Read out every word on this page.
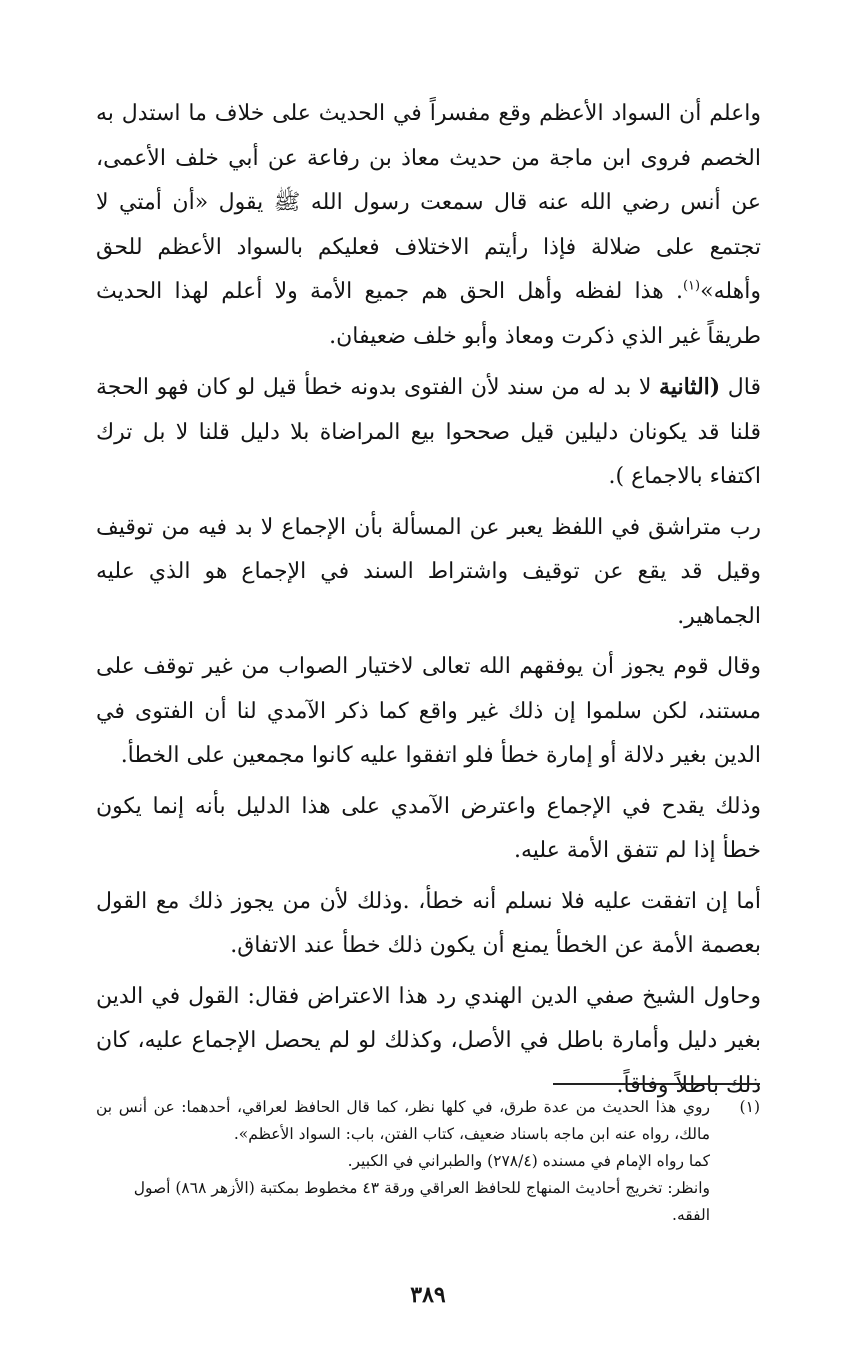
واعلم أن السواد الأعظم وقع مفسراً في الحديث على خلاف ما استدل به الخصم فروى ابن ماجة من حديث معاذ بن رفاعة عن أبي خلف الأعمى، عن أنس رضي الله عنه قال سمعت رسول الله ﷺ يقول «أن أمتي لا تجتمع على ضلالة فإذا رأيتم الاختلاف فعليكم بالسواد الأعظم للحق وأهله»$^{(١)}$. هذا لفظه وأهل الحق هم جميع الأمة ولا أعلم لهذا الحديث طريقاً غير الذي ذكرت ومعاذ وأبو خلف ضعيفان.

قال (الثانية لا بد له من سند لأن الفتوى بدونه خطأ قيل لو كان فهو الحجة قلنا قد يكونان دليلين قيل صححوا بيع المراضاة بلا دليل قلنا لا بل ترك اكتفاء بالاجماع ).

رب متراشق في اللفظ يعبر عن المسألة بأن الإجماع لا بد فيه من توقيف وقيل قد يقع عن توقيف واشتراط السند في الإجماع هو الذي عليه الجماهير.

وقال قوم يجوز أن يوفقهم الله تعالى لاختيار الصواب من غير توقف على مستند، لكن سلموا إن ذلك غير واقع كما ذكر الآمدي لنا أن الفتوى في الدين بغير دلالة أو إمارة خطأ فلو اتفقوا عليه كانوا مجمعين على الخطأ.

وذلك يقدح في الإجماع واعترض الآمدي على هذا الدليل بأنه إنما يكون خطأ إذا لم تتفق الأمة عليه.

أما إن اتفقت عليه فلا نسلم أنه خطأ، .وذلك لأن من يجوز ذلك مع القول بعصمة الأمة عن الخطأ يمنع أن يكون ذلك خطأ عند الاتفاق.

وحاول الشيخ صفي الدين الهندي رد هذا الاعتراض فقال: القول في الدين بغير دليل وأمارة باطل في الأصل، وكذلك لو لم يحصل الإجماع عليه، كان ذلك باطلاً وفاقاً.

(١)
روي هذا الحديث من عدة طرق، في كلها نظر، كما قال الحافظ لعراقي، أحدهما: عن أنس بن مالك، رواه عنه ابن ماجه باسناد ضعيف، كتاب الفتن، باب: السواد الأعظم».

كما رواه الإمام في مسنده (٢٧٨/٤) والطبراني في الكبير.

وانظر: تخريج أحاديث المنهاج للحافظ العراقي ورقة ٤٣ مخطوط بمكتبة (الأزهر ٨٦٨) أصول الفقه.

٣٨٩
